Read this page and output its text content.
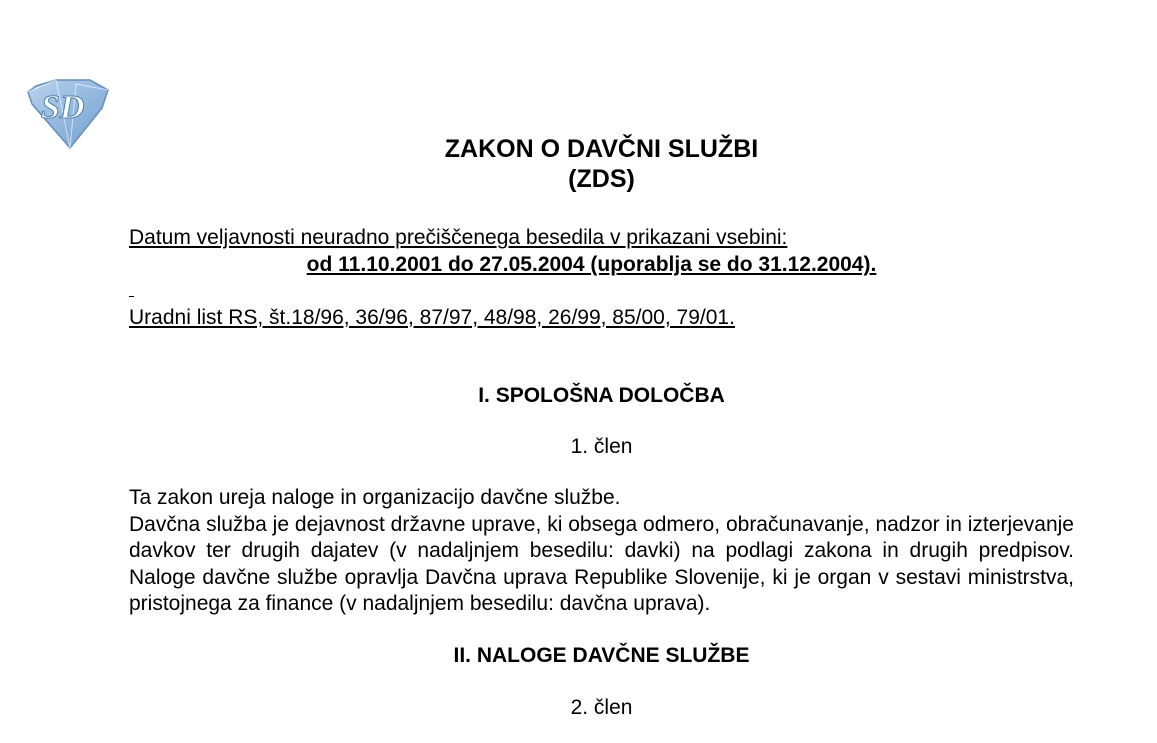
SD
ZAKON O DAVČNI SLUŽBI
(ZDS)
Datum veljavnosti neuradno prečiščenega besedila v prikazani vsebini:
od 11.10.2001 do 27.05.2004 (uporablja se do 31.12.2004).
Uradni list RS, št.18/96, 36/96, 87/97, 48/98, 26/99, 85/00, 79/01.
I. SPOLOŠNA DOLOČBA
1. člen

Ta zakon ureja naloge in organizacijo davčne službe.

Davčna služba je dejavnost državne uprave, ki obsega odmero, obračunavanje, nadzor in izterjevanje davkov ter drugih dajatev (v nadaljnjem besedilu: davki) na podlagi zakona in drugih predpisov. Naloge davčne službe opravlja Davčna uprava Republike Slovenije, ki je organ v sestavi ministrstva, pristojnega za finance (v nadaljnjem besedilu: davčna uprava).

II. NALOGE DAVČNE SLUŽBE
2. člen
